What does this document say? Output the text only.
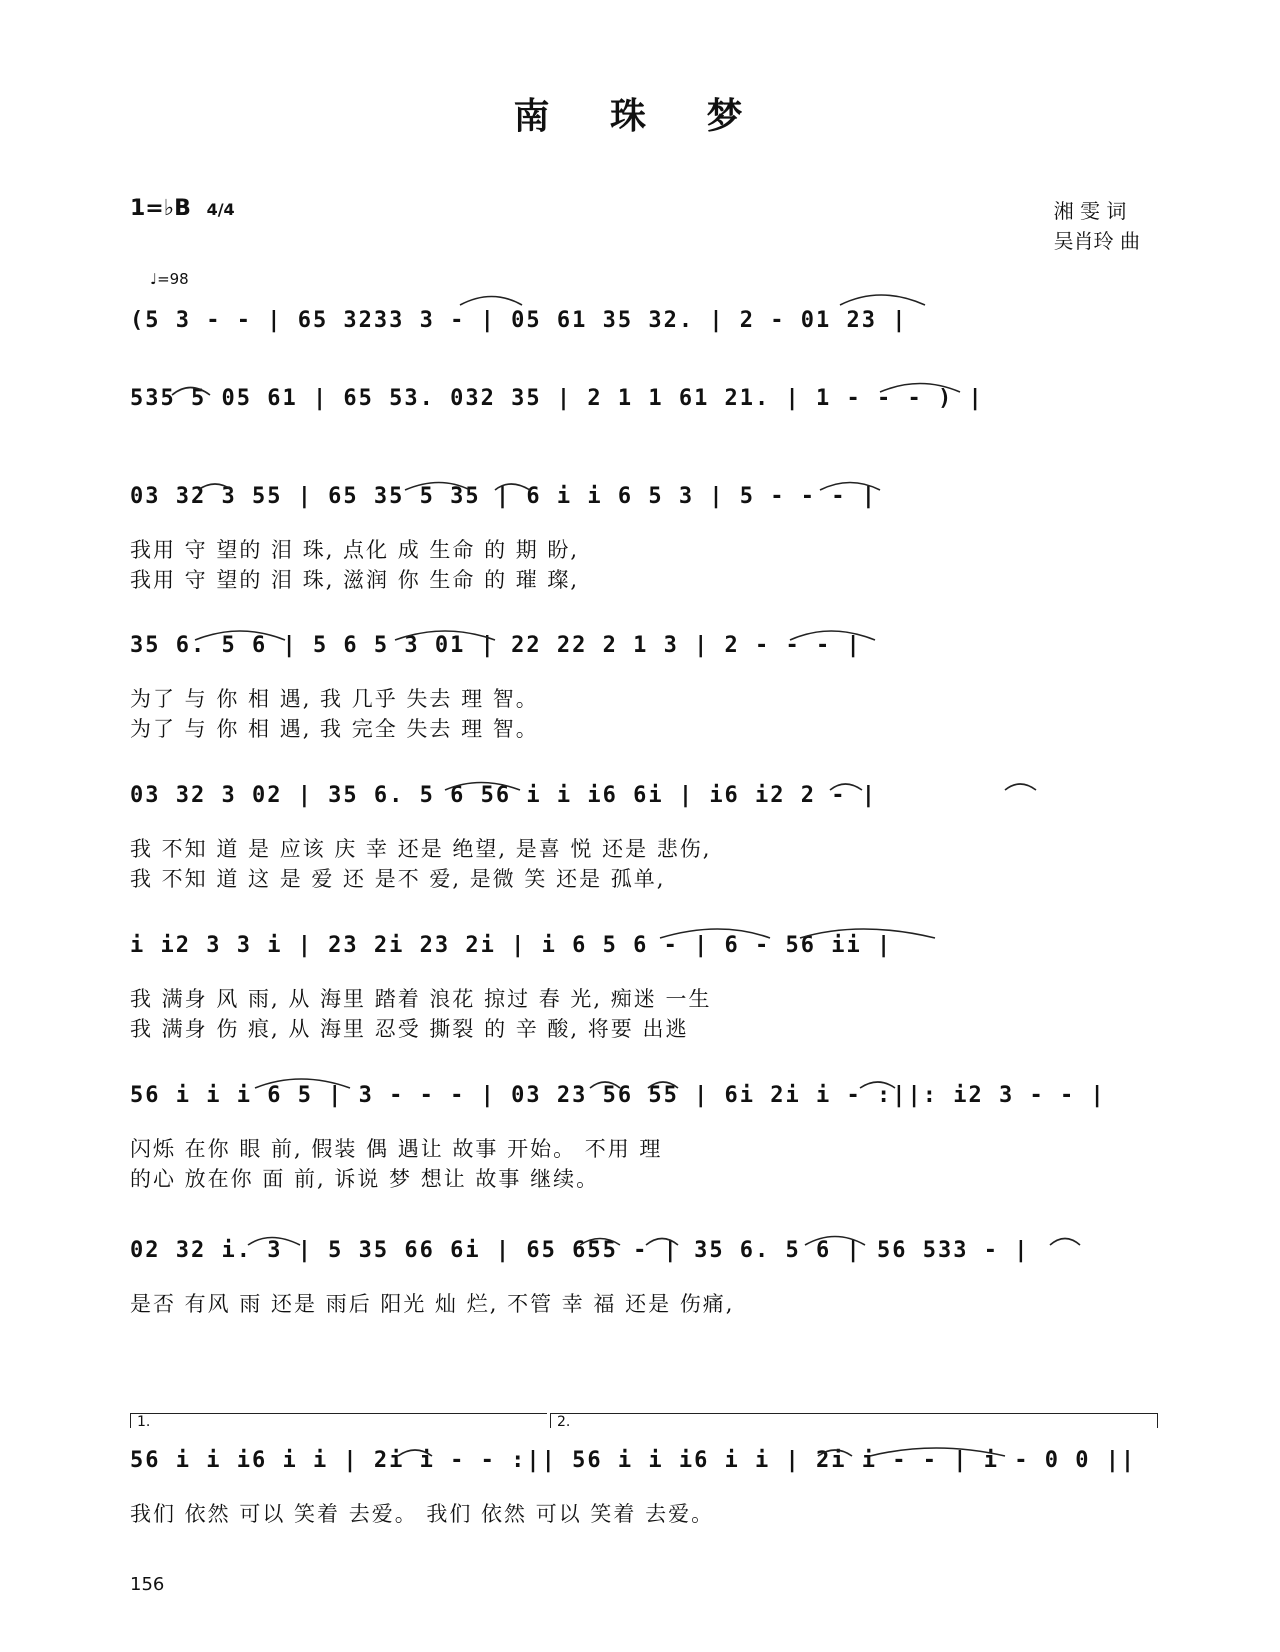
南 珠 梦
1=♭B 4/4
♩=98
湘 雯 词
吴肖玲 曲
(5 3 - - | 65 3233 3 - | 05 61 35 32. | 2 - 01 23 |
535 5 05 61 | 65 53. 032 35 | 2 1 1 61 21. | 1 - - - ) |
03 32 3 55 | 65 35 5 35 | 6 i i 6 5 3 | 5 - - - |
我用 守 望的 泪 珠, 点化 成 生命 的 期 盼,
我用 守 望的 泪 珠, 滋润 你 生命 的 璀 璨,
35 6. 5 6 | 5 6 5 3 01 | 22 22 2 1 3 | 2 - - - |
为了 与 你 相 遇, 我 几乎 失去 理 智。
为了 与 你 相 遇, 我 完全 失去 理 智。
03 32 3 02 | 35 6. 5 6 56 i i i6 6i | i6 i2 2 - |
我 不知 道 是 应该 庆 幸 还是 绝望, 是喜 悦 还是 悲伤,
我 不知 道 这 是 爱 还 是不 爱, 是微 笑 还是 孤单,
i i2 3 3 i | 23 2i 23 2i | i 6 5 6 - | 6 - 56 ii |
我 满身 风 雨, 从 海里 踏着 浪花 掠过 春 光, 痴迷 一生
我 满身 伤 痕, 从 海里 忍受 撕裂 的 辛 酸, 将要 出逃
56 i i i 6 5 | 3 - - - | 03 23 56 55 | 6i 2i i - :||: i2 3 - - |
闪烁 在你 眼 前, 假装 偶 遇让 故事 开始。 不用 理
的心 放在你 面 前, 诉说 梦 想让 故事 继续。
02 32 i. 3 | 5 35 66 6i | 65 655 - | 35 6. 5 6 | 56 533 - |
是否 有风 雨 还是 雨后 阳光 灿 烂, 不管 幸 福 还是 伤痛,
1.	2.
56 i i i6 i i | 2i i - - :|| 56 i i i6 i i | 2i i - - | i - 0 0 ||
我们 依然 可以 笑着 去爱。 我们 依然 可以 笑着 去爱。
156
